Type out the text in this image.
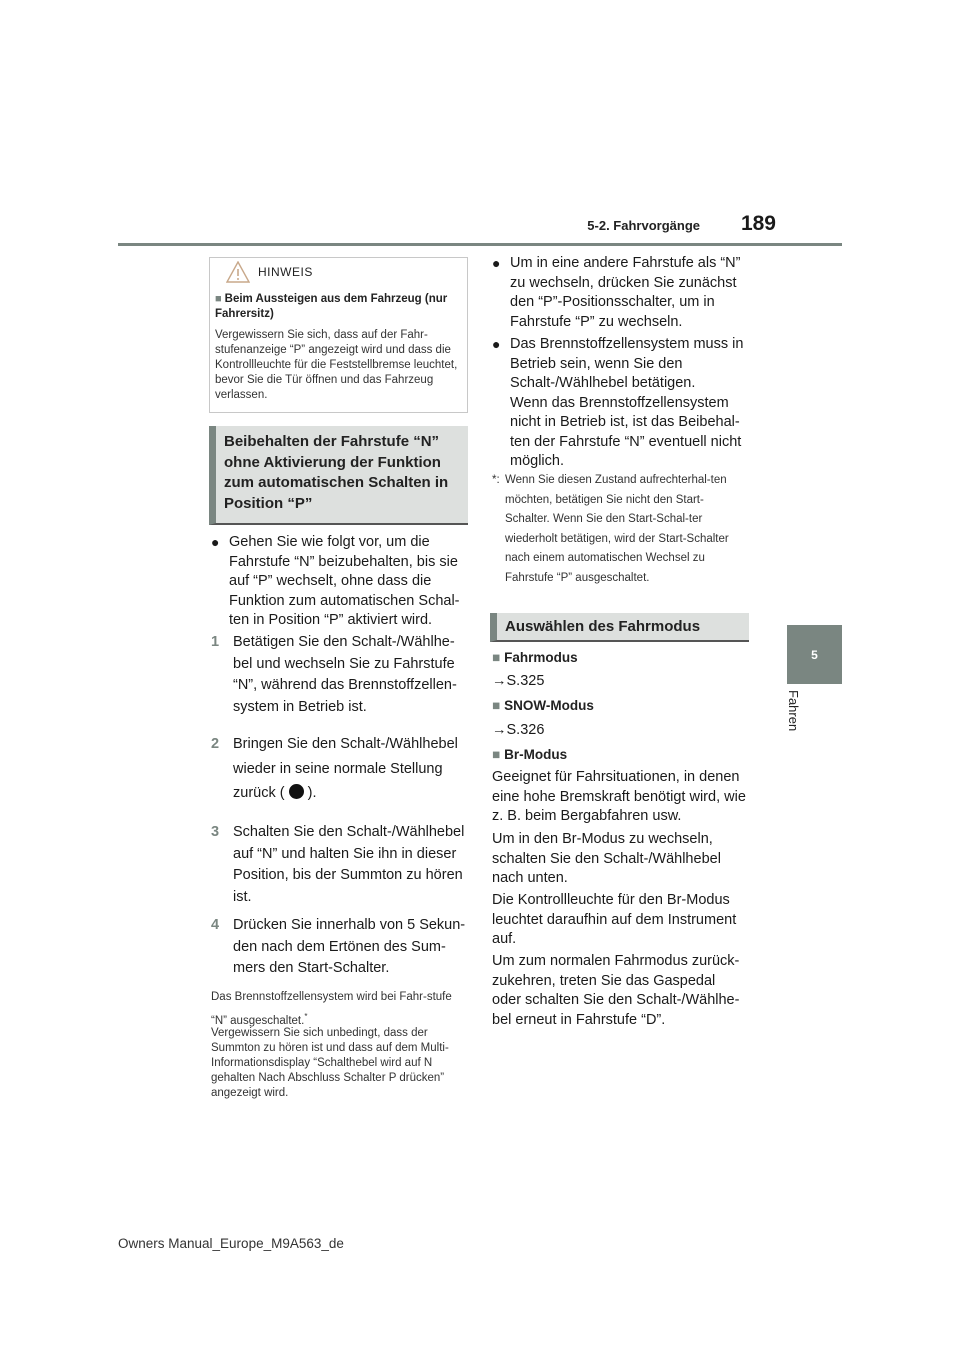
5-2. Fahrvorgänge	189
5
Fahren
HINWEIS
■ Beim Aussteigen aus dem Fahrzeug (nur Fahrersitz)
Vergewissern Sie sich, dass auf der Fahr-stufenanzeige “P” angezeigt wird und dass die Kontrollleuchte für die Feststellbremse leuchtet, bevor Sie die Tür öffnen und das Fahrzeug verlassen.
Beibehalten der Fahrstufe “N” ohne Aktivierung der Funktion zum automatischen Schalten in Position “P”
● Gehen Sie wie folgt vor, um die Fahrstufe “N” beizubehalten, bis sie auf “P” wechselt, ohne dass die Funktion zum automatischen Schal-ten in Position “P” aktiviert wird.
1 Betätigen Sie den Schalt-/Wählhe-bel und wechseln Sie zu Fahrstufe “N”, während das Brennstoffzellen-system in Betrieb ist.
2 Bringen Sie den Schalt-/Wählhebel wieder in seine normale Stellung zurück ( ).
3 Schalten Sie den Schalt-/Wählhebel auf “N” und halten Sie ihn in dieser Position, bis der Summton zu hören ist.
4 Drücken Sie innerhalb von 5 Sekun-den nach dem Ertönen des Sum-mers den Start-Schalter.
Das Brennstoffzellensystem wird bei Fahr-stufe “N” ausgeschaltet.*
Vergewissern Sie sich unbedingt, dass der Summton zu hören ist und dass auf dem Multi-Informationsdisplay “Schalthebel wird auf N gehalten Nach Abschluss Schalter P drücken” angezeigt wird.
● Um in eine andere Fahrstufe als “N” zu wechseln, drücken Sie zunächst den “P”-Positionsschalter, um in Fahrstufe “P” zu wechseln.
● Das Brennstoffzellensystem muss in Betrieb sein, wenn Sie den Schalt-/Wählhebel betätigen.
Wenn das Brennstoffzellensystem nicht in Betrieb ist, ist das Beibehal-ten der Fahrstufe “N” eventuell nicht möglich.
*: Wenn Sie diesen Zustand aufrechterhal-ten möchten, betätigen Sie nicht den Start-Schalter. Wenn Sie den Start-Schal-ter wiederholt betätigen, wird der Start-Schalter nach einem automatischen Wechsel zu Fahrstufe “P” ausgeschaltet.
Auswählen des Fahrmodus
■ Fahrmodus
→S.325
■ SNOW-Modus
→S.326
■ Br-Modus
Geeignet für Fahrsituationen, in denen eine hohe Bremskraft benötigt wird, wie z. B. beim Bergabfahren usw.
Um in den Br-Modus zu wechseln, schalten Sie den Schalt-/Wählhebel nach unten.
Die Kontrollleuchte für den Br-Modus leuchtet daraufhin auf dem Instrument auf.
Um zum normalen Fahrmodus zurück-zukehren, treten Sie das Gaspedal oder schalten Sie den Schalt-/Wählhe-bel erneut in Fahrstufe “D”.
Owners Manual_Europe_M9A563_de
